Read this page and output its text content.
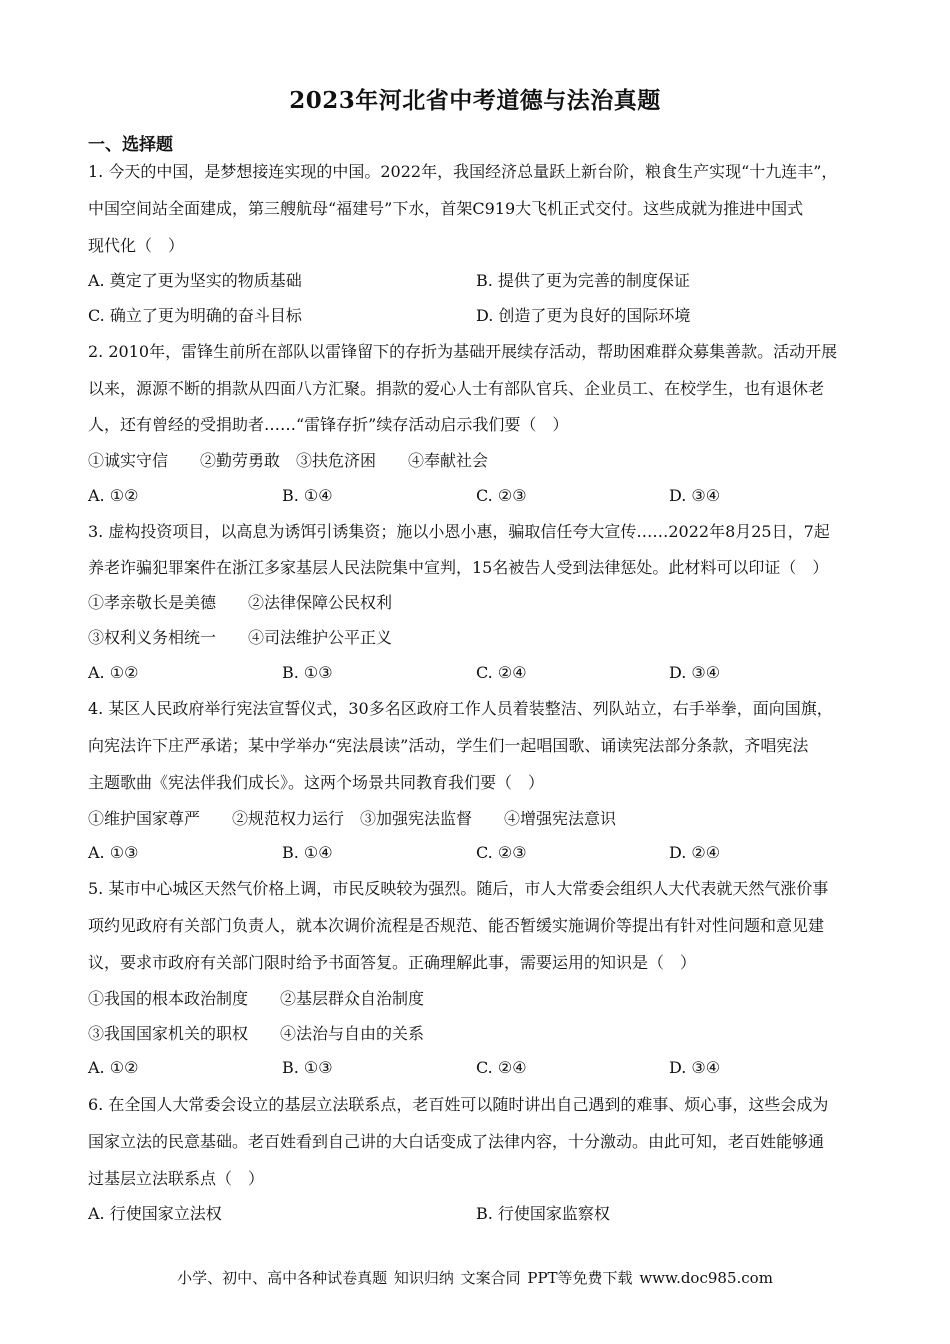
2023年河北省中考道德与法治真题
一、选择题
1. 今天的中国，是梦想接连实现的中国。2022年，我国经济总量跃上新台阶，粮食生产实现“十九连丰”，
中国空间站全面建成，第三艘航母“福建号”下水，首架C919大飞机正式交付。这些成就为推进中国式
现代化（　）
A. 奠定了更为坚实的物质基础	B. 提供了更为完善的制度保证
C. 确立了更为明确的奋斗目标	D. 创造了更为良好的国际环境
2. 2010年，雷锋生前所在部队以雷锋留下的存折为基础开展续存活动，帮助困难群众募集善款。活动开展
以来，源源不断的捐款从四面八方汇聚。捐款的爱心人士有部队官兵、企业员工、在校学生，也有退休老
人，还有曾经的受捐助者……“雷锋存折”续存活动启示我们要（　）
①诚实守信　　②勤劳勇敢　③扶危济困　　④奉献社会
A. ①②	B. ①④	C. ②③	D. ③④
3. 虚构投资项目，以高息为诱饵引诱集资；施以小恩小惠，骗取信任夸大宣传……2022年8月25日，7起
养老诈骗犯罪案件在浙江多家基层人民法院集中宣判，15名被告人受到法律惩处。此材料可以印证（　）
①孝亲敬长是美德　　②法律保障公民权利
③权利义务相统一　　④司法维护公平正义
A. ①②	B. ①③	C. ②④	D. ③④
4. 某区人民政府举行宪法宣誓仪式，30多名区政府工作人员着装整洁、列队站立，右手举拳，面向国旗，
向宪法许下庄严承诺；某中学举办“宪法晨读”活动，学生们一起唱国歌、诵读宪法部分条款，齐唱宪法
主题歌曲《宪法伴我们成长》。这两个场景共同教育我们要（　）
①维护国家尊严　　②规范权力运行　③加强宪法监督　　④增强宪法意识
A. ①③	B. ①④	C. ②③	D. ②④
5. 某市中心城区天然气价格上调，市民反映较为强烈。随后，市人大常委会组织人大代表就天然气涨价事
项约见政府有关部门负责人，就本次调价流程是否规范、能否暂缓实施调价等提出有针对性问题和意见建
议，要求市政府有关部门限时给予书面答复。正确理解此事，需要运用的知识是（　）
①我国的根本政治制度　　②基层群众自治制度
③我国国家机关的职权　　④法治与自由的关系
A. ①②	B. ①③	C. ②④	D. ③④
6. 在全国人大常委会设立的基层立法联系点，老百姓可以随时讲出自己遇到的难事、烦心事，这些会成为
国家立法的民意基础。老百姓看到自己讲的大白话变成了法律内容，十分激动。由此可知，老百姓能够通
过基层立法联系点（　）
A. 行使国家立法权	B. 行使国家监察权
小学、初中、高中各种试卷真题 知识归纳 文案合同 PPT等免费下载 www.doc985.com
